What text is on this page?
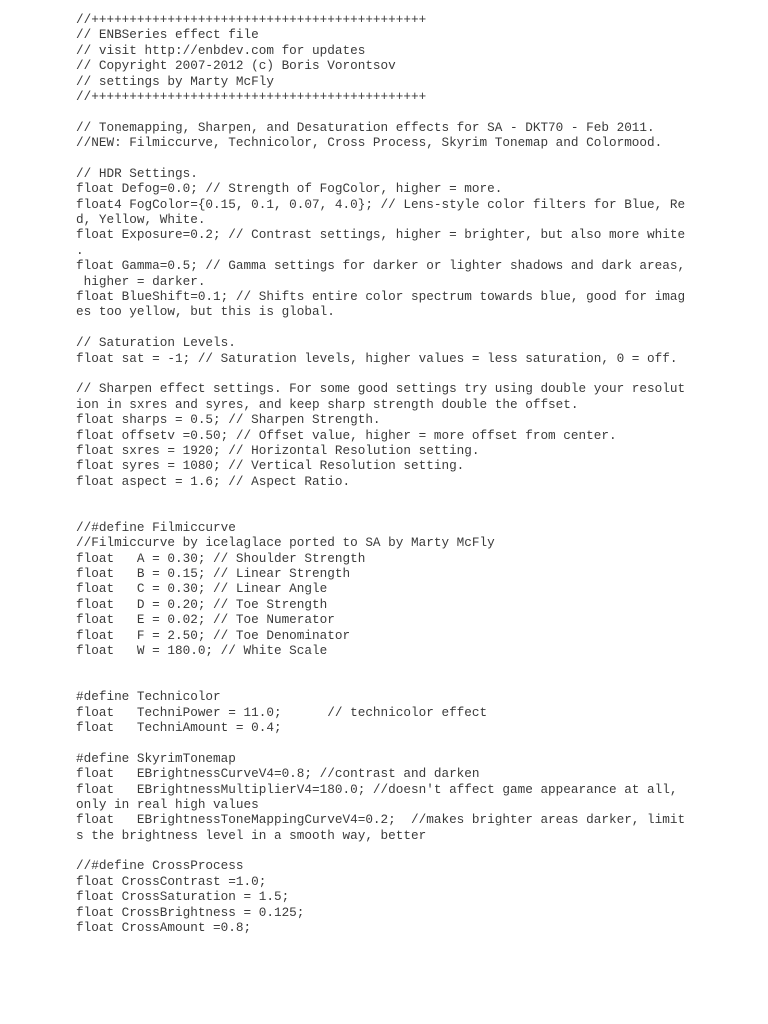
//++++++++++++++++++++++++++++++++++++++++++++
// ENBSeries effect file
// visit http://enbdev.com for updates
// Copyright 2007-2012 (c) Boris Vorontsov
// settings by Marty McFly
//++++++++++++++++++++++++++++++++++++++++++++
// Tonemapping, Sharpen, and Desaturation effects for SA - DKT70 - Feb 2011.
//NEW: Filmiccurve, Technicolor, Cross Process, Skyrim Tonemap and Colormood.
// HDR Settings.
float Defog=0.0; // Strength of FogColor, higher = more.
float4 FogColor={0.15, 0.1, 0.07, 4.0}; // Lens-style color filters for Blue, Re
d, Yellow, White.
float Exposure=0.2; // Contrast settings, higher = brighter, but also more white
.
float Gamma=0.5; // Gamma settings for darker or lighter shadows and dark areas,
higher = darker.
float BlueShift=0.1; // Shifts entire color spectrum towards blue, good for imag
es too yellow, but this is global.
// Saturation Levels.
float sat = -1; // Saturation levels, higher values = less saturation, 0 = off.
// Sharpen effect settings. For some good settings try using double your resolut
ion in sxres and syres, and keep sharp strength double the offset.
float sharps = 0.5; // Sharpen Strength.
float offsetv =0.50; // Offset value, higher = more offset from center.
float sxres = 1920; // Horizontal Resolution setting.
float syres = 1080; // Vertical Resolution setting.
float aspect = 1.6; // Aspect Ratio.
//#define Filmiccurve
//Filmiccurve by icelaglace ported to SA by Marty McFly
float   A = 0.30; // Shoulder Strength
float   B = 0.15; // Linear Strength
float   C = 0.30; // Linear Angle
float   D = 0.20; // Toe Strength
float   E = 0.02; // Toe Numerator
float   F = 2.50; // Toe Denominator
float   W = 180.0; // White Scale
#define Technicolor
float   TechniPower = 11.0;      // technicolor effect
float   TechniAmount = 0.4;
#define SkyrimTonemap
float   EBrightnessCurveV4=0.8; //contrast and darken
float   EBrightnessMultiplierV4=180.0; //doesn't affect game appearance at all,
only in real high values
float   EBrightnessToneMappingCurveV4=0.2;  //makes brighter areas darker, limit
s the brightness level in a smooth way, better
//#define CrossProcess
float CrossContrast =1.0;
float CrossSaturation = 1.5;
float CrossBrightness = 0.125;
float CrossAmount =0.8;
